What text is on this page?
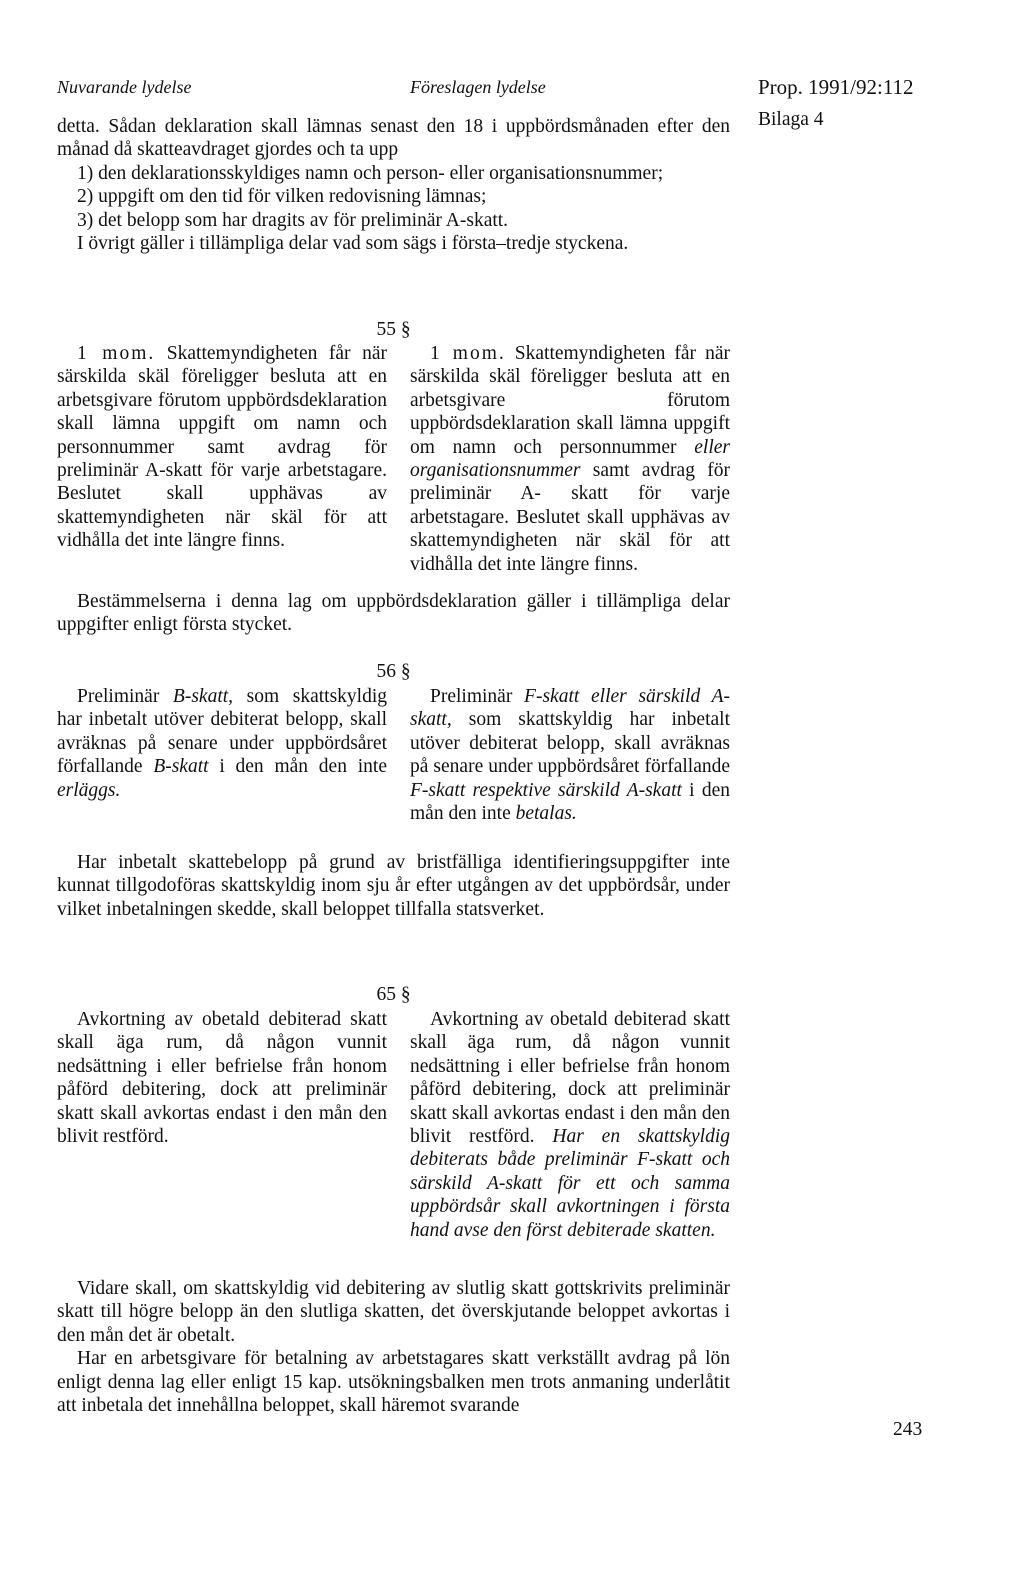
Nuvarande lydelse	Föreslagen lydelse	Prop. 1991/92:112
Bilaga 4

detta. Sådan deklaration skall lämnas senast den 18 i uppbördsmånaden efter den månad då skatteavdraget gjordes och ta upp

1) den deklarationsskyldiges namn och person- eller organisationsnummer;

2) uppgift om den tid för vilken redovisning lämnas;

3) det belopp som har dragits av för preliminär A-skatt.

I övrigt gäller i tillämpliga delar vad som sägs i första–tredje styckena.

55 §

1 mom. Skattemyndigheten får när särskilda skäl föreligger besluta att en arbetsgivare förutom uppbördsdeklaration skall lämna uppgift om namn och personnummer samt avdrag för preliminär A-skatt för varje arbetstagare. Beslutet skall upphävas av skattemyndigheten när skäl för att vidhålla det inte längre finns.

1 mom. Skattemyndigheten får när särskilda skäl föreligger besluta att en arbetsgivare förutom uppbördsdeklaration skall lämna uppgift om namn och personnummer eller organisationsnummer samt avdrag för preliminär A- skatt för varje arbetstagare. Beslutet skall upphävas av skattemyndigheten när skäl för att vidhålla det inte längre finns.

Bestämmelserna i denna lag om uppbördsdeklaration gäller i tillämpliga delar uppgifter enligt första stycket.

56 §

Preliminär B-skatt, som skattskyldig har inbetalt utöver debiterat belopp, skall avräknas på senare under uppbördsåret förfallande B-skatt i den mån den inte erläggs.

Preliminär F-skatt eller särskild A-skatt, som skattskyldig har inbetalt utöver debiterat belopp, skall avräknas på senare under uppbördsåret förfallande F-skatt respektive särskild A-skatt i den mån den inte betalas.

Har inbetalt skattebelopp på grund av bristfälliga identifieringsuppgifter inte kunnat tillgodoföras skattskyldig inom sju år efter utgången av det uppbördsår, under vilket inbetalningen skedde, skall beloppet tillfalla statsverket.

65 §

Avkortning av obetald debiterad skatt skall äga rum, då någon vunnit nedsättning i eller befrielse från honom påförd debitering, dock att preliminär skatt skall avkortas endast i den mån den blivit restförd.

Avkortning av obetald debiterad skatt skall äga rum, då någon vunnit nedsättning i eller befrielse från honom påförd debitering, dock att preliminär skatt skall avkortas endast i den mån den blivit restförd. Har en skattskyldig debiterats både preliminär F-skatt och särskild A-skatt för ett och samma uppbördsår skall avkortningen i första hand avse den först debiterade skatten.

Vidare skall, om skattskyldig vid debitering av slutlig skatt gottskrivits preliminär skatt till högre belopp än den slutliga skatten, det överskjutande beloppet avkortas i den mån det är obetalt.

Har en arbetsgivare för betalning av arbetstagares skatt verkställt avdrag på lön enligt denna lag eller enligt 15 kap. utsökningsbalken men trots anmaning underlåtit att inbetala det innehållna beloppet, skall häremot svarande

243
